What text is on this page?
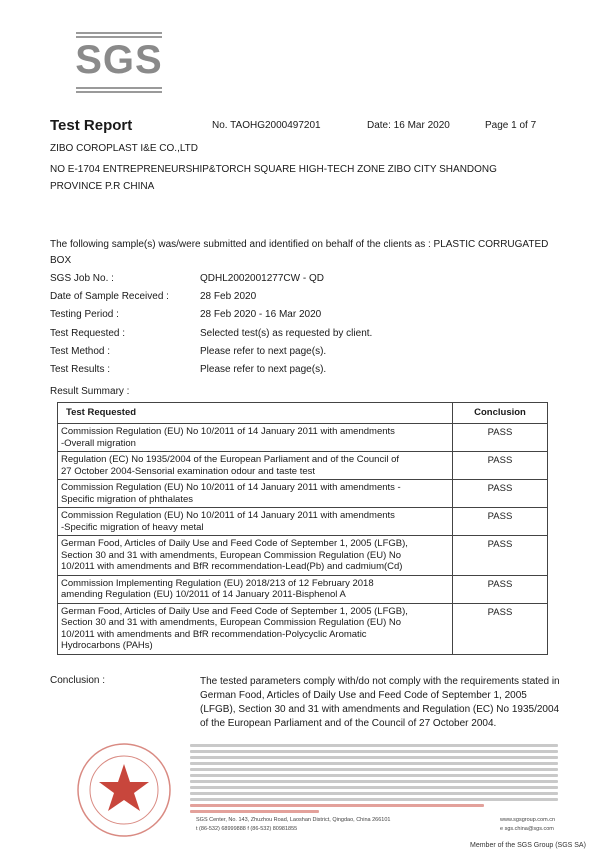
SGS
Test Report	No. TAOHG2000497201	Date: 16 Mar 2020	Page 1 of 7
ZIBO COROPLAST I&E CO.,LTD
NO E-1704 ENTREPRENEURSHIP&TORCH SQUARE HIGH-TECH ZONE ZIBO CITY SHANDONG
PROVINCE P.R CHINA
The following sample(s) was/were submitted and identified on behalf of the clients as : PLASTIC CORRUGATED
BOX
SGS Job No. :	QDHL2002001277CW - QD
Date of Sample Received :	28 Feb 2020
Testing Period :	28 Feb 2020 - 16 Mar 2020
Test Requested :	Selected test(s) as requested by client.
Test Method :	Please refer to next page(s).
Test Results :	Please refer to next page(s).
Result Summary :
Test Requested	Conclusion

Commission Regulation (EU) No 10/2011 of 14 January 2011 with amendments
-Overall migration	PASS

Regulation (EC) No 1935/2004 of the European Parliament and of the Council of
27 October 2004-Sensorial examination odour and taste test	PASS

Commission Regulation (EU) No 10/2011 of 14 January 2011 with amendments -
Specific migration of phthalates	PASS

Commission Regulation (EU) No 10/2011 of 14 January 2011 with amendments
-Specific migration of heavy metal	PASS

German Food, Articles of Daily Use and Feed Code of September 1, 2005 (LFGB),
Section 30 and 31 with amendments, European Commission Regulation (EU) No
10/2011 with amendments and BfR recommendation-Lead(Pb) and cadmium(Cd)	PASS

Commission Implementing Regulation (EU) 2018/213 of 12 February 2018
amending Regulation (EU) 10/2011 of 14 January 2011-Bisphenol A	PASS

German Food, Articles of Daily Use and Feed Code of September 1, 2005 (LFGB),
Section 30 and 31 with amendments, European Commission Regulation (EU) No
10/2011 with amendments and BfR recommendation-Polycyclic Aromatic
Hydrocarbons (PAHs)	PASS
Conclusion :	The tested parameters comply with/do not comply with the requirements stated in
German Food, Articles of Daily Use and Feed Code of September 1, 2005
(LFGB), Section 30 and 31 with amendments and Regulation (EC) No 1935/2004
of the European Parliament and of the Council of 27 October 2004.
SGS Center, No. 143, Zhuzhou Road, Laoshan District, Qingdao, China 266101
t (86-532) 68999888 f (86-532) 80981855
www.sgsgroup.com.cn
e sgs.china@sgs.com
Member of the SGS Group (SGS SA)
